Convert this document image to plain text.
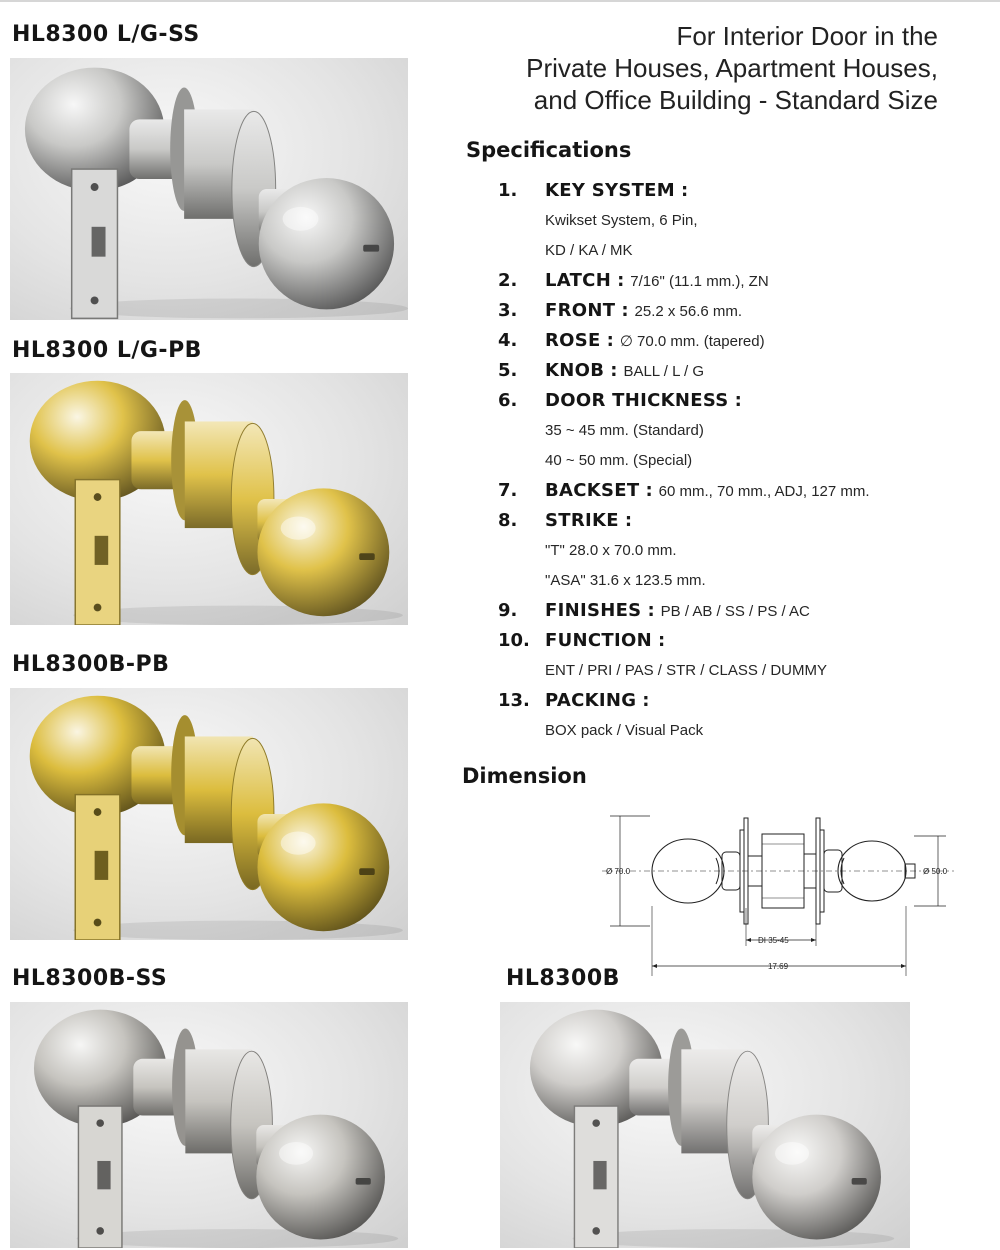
HL8300 L/G-SS
HL8300 L/G-PB
HL8300B-PB
HL8300B-SS	HL8300B
For Interior Door in the
Private Houses, Apartment Houses,
and Office Building - Standard Size
Specifications
1. KEY SYSTEM :
Kwikset System, 6 Pin,
KD / KA / MK
2. LATCH : 7/16" (11.1 mm.), ZN
3. FRONT : 25.2 x 56.6 mm.
4. ROSE : ∅ 70.0 mm. (tapered)
5. KNOB : BALL / L / G
6. DOOR THICKNESS :
35 ~ 45 mm. (Standard)
40 ~ 50 mm. (Special)
7. BACKSET : 60 mm., 70 mm., ADJ, 127 mm.
8. STRIKE :
"T" 28.0 x 70.0 mm.
"ASA" 31.6 x 123.5 mm.
9. FINISHES : PB / AB / SS / PS / AC
10. FUNCTION :
ENT / PRI / PAS / STR / CLASS / DUMMY
13. PACKING :
BOX pack / Visual Pack
Dimension
Ø 70.0	Ø 50.0
DI 35-45
17.69
